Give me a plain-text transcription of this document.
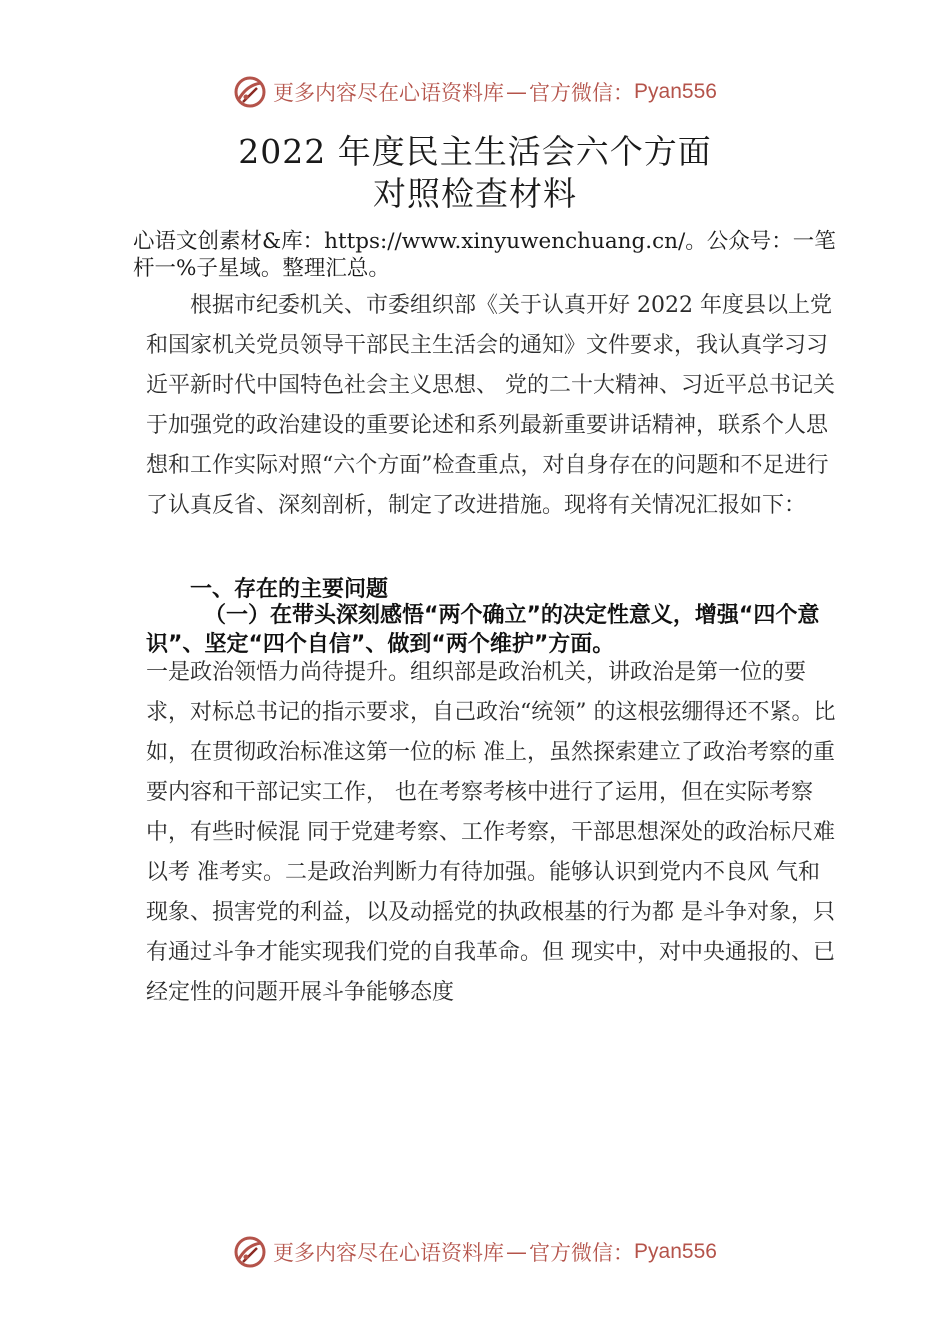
更多内容尽在心语资料库 — 官方微信： Pyan556
2022 年度民主生活会六个方面
对照检查材料
心语文创素材&库：https://www.xinyuwenchuang.cn/。公众号：一笔杆一%子星域。整理汇总。
根据市纪委机关、市委组织部《关于认真开好 2022 年度县以上党和国家机关党员领导干部民主生活会的通知》文件要求，我认真学习习近平新时代中国特色社会主义思想、 党的二十大精神、习近平总书记关于加强党的政治建设的重要论述和系列最新重要讲话精神，联系个人思想和工作实际对照“六个方面”检查重点，对自身存在的问题和不足进行了认真反省、深刻剖析，制定了改进措施。现将有关情况汇报如下：
一、存在的主要问题
（一）在带头深刻感悟“两个确立”的决定性意义，增强“四个意识”、坚定“四个自信”、做到“两个维护”方面。
一是政治领悟力尚待提升。组织部是政治机关，讲政治是第一位的要求，对标总书记的指示要求，自己政治“统领” 的这根弦绷得还不紧。比如，在贯彻政治标准这第一位的标 准上，虽然探索建立了政治考察的重要内容和干部记实工作， 也在考察考核中进行了运用，但在实际考察中，有些时候混 同于党建考察、工作考察，干部思想深处的政治标尺难以考 准考实。二是政治判断力有待加强。能够认识到党内不良风 气和现象、损害党的利益，以及动摇党的执政根基的行为都 是斗争对象，只有通过斗争才能实现我们党的自我革命。但 现实中，对中央通报的、已经定性的问题开展斗争能够态度
更多内容尽在心语资料库 — 官方微信： Pyan556
